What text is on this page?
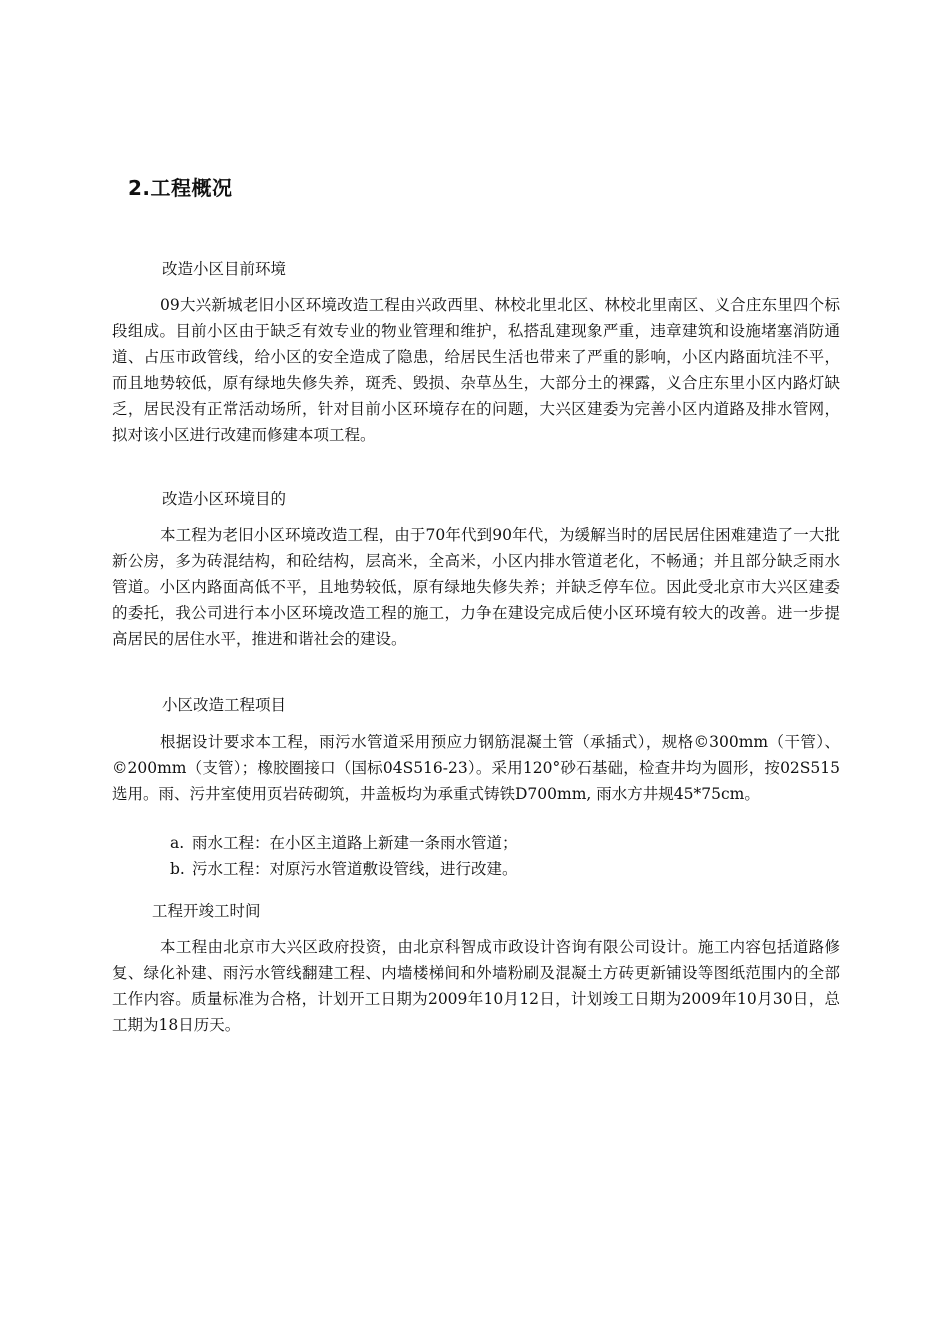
2.工程概况

改造小区目前环境

09大兴新城老旧小区环境改造工程由兴政西里、林校北里北区、林校北里南区、义合庄东里四个标段组成。目前小区由于缺乏有效专业的物业管理和维护，私搭乱建现象严重，违章建筑和设施堵塞消防通道、占压市政管线，给小区的安全造成了隐患，给居民生活也带来了严重的影响，小区内路面坑洼不平，而且地势较低，原有绿地失修失养，斑秃、毁损、杂草丛生，大部分土的裸露，义合庄东里小区内路灯缺乏，居民没有正常活动场所，针对目前小区环境存在的问题，大兴区建委为完善小区内道路及排水管网，拟对该小区进行改建而修建本项工程。

改造小区环境目的

本工程为老旧小区环境改造工程，由于70年代到90年代，为缓解当时的居民居住困难建造了一大批新公房，多为砖混结构，和砼结构，层高米，全高米，小区内排水管道老化，不畅通；并且部分缺乏雨水管道。小区内路面高低不平，且地势较低，原有绿地失修失养；并缺乏停车位。因此受北京市大兴区建委的委托，我公司进行本小区环境改造工程的施工，力争在建设完成后使小区环境有较大的改善。进一步提高居民的居住水平，推进和谐社会的建设。

小区改造工程项目

根据设计要求本工程，雨污水管道采用预应力钢筋混凝土管（承插式），规格©300mm（干管）、©200mm（支管）；橡胶圈接口（国标04S516-23）。采用120°砂石基础，检查井均为圆形，按02S515选用。雨、污井室使用页岩砖砌筑，井盖板均为承重式铸铁D700mm, 雨水方井规45*75cm。

a. 雨水工程：在小区主道路上新建一条雨水管道；

b. 污水工程：对原污水管道敷设管线，进行改建。

工程开竣工时间

本工程由北京市大兴区政府投资，由北京科智成市政设计咨询有限公司设计。施工内容包括道路修复、绿化补建、雨污水管线翻建工程、内墙楼梯间和外墙粉刷及混凝土方砖更新铺设等图纸范围内的全部工作内容。质量标准为合格，计划开工日期为2009年10月12日，计划竣工日期为2009年10月30日，总工期为18日历天。
